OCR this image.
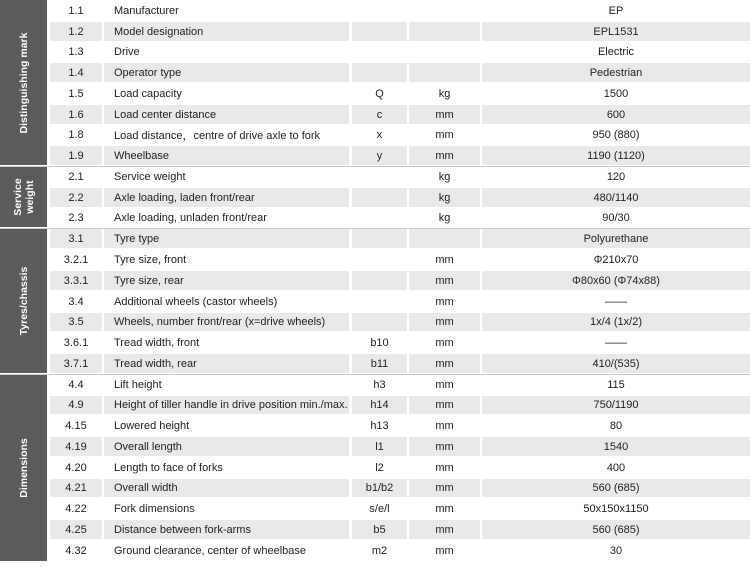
Distinguishing mark
Service weight
Tyres/chassis
Dimensions
1.1	Manufacturer	EP
1.2	Model designation	EPL1531
1.3	Drive	Electric
1.4	Operator type	Pedestrian
1.5	Load capacity	Q	kg	1500
1.6	Load center distance	c	mm	600
1.8	Load distance，centre of drive axle to fork	x	mm	950 (880)
1.9	Wheelbase	y	mm	1190 (1120)
2.1	Service weight	kg	120
2.2	Axle loading, laden front/rear	kg	480/1140
2.3	Axle loading, unladen front/rear	kg	90/30
3.1	Tyre type	Polyurethane
3.2.1	Tyre size, front	mm	Φ210x70
3.3.1	Tyre size, rear	mm	Φ80x60 (Φ74x88)
3.4	Additional wheels (castor wheels)	mm	——
3.5	Wheels, number front/rear (x=drive wheels)	mm	1x/4 (1x/2)
3.6.1	Tread width, front	b10	mm	——
3.7.1	Tread width, rear	b11	mm	410/(535)
4.4	Lift height	h3	mm	115
4.9	Height of tiller handle in drive position min./max.	h14	mm	750/1190
4.15	Lowered height	h13	mm	80
4.19	Overall length	l1	mm	1540
4.20	Length to face of forks	l2	mm	400
4.21	Overall width	b1/b2	mm	560 (685)
4.22	Fork dimensions	s/e/l	mm	50x150x1150
4.25	Distance between fork-arms	b5	mm	560 (685)
4.32	Ground clearance, center of wheelbase	m2	mm	30
